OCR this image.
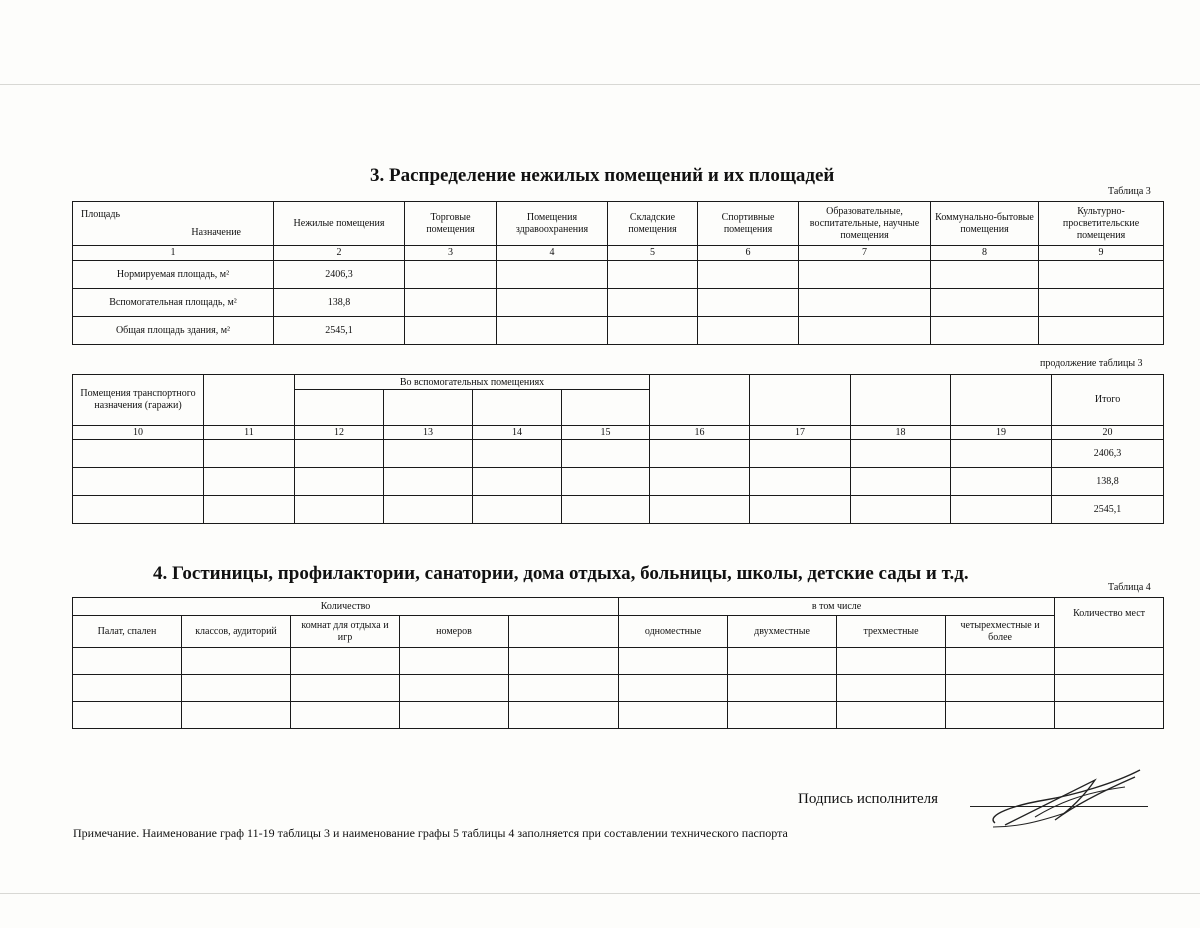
3. Распределение нежилых помещений и их площадей
Таблица 3
Назначение
Площадь	Нежилые помещения	Торговые помещения	Помещения здравоохранения	Складские помещения	Спортивные помещения	Образовательные, воспитательные, научные помещения	Коммунально-бытовые помещения	Культурно-просветительские помещения
1	2	3	4	5	6	7	8	9
Нормируемая площадь, м²	2406,3							
Вспомогательная площадь, м²	138,8							
Общая площадь здания, м²	2545,1							
продолжение таблицы 3
Помещения транспортного назначения (гаражи)		Во вспомогательных помещениях								Итого

10	11	12	13	14	15	16	17	18	19	20
										2406,3
										138,8
										2545,1
4. Гостиницы, профилактории, санатории, дома отдыха, больницы, школы, детские сады и т.д.
Таблица 4
Количество					в том числе				Количество мест
Палат, спален	классов, аудиторий	комнат для отдыха и игр	номеров		одноместные	двухместные	трехместные	четырехместные и более	

Подпись исполнителя
Примечание. Наименование граф 11-19 таблицы 3 и наименование графы 5 таблицы 4 заполняется при составлении технического паспорта
